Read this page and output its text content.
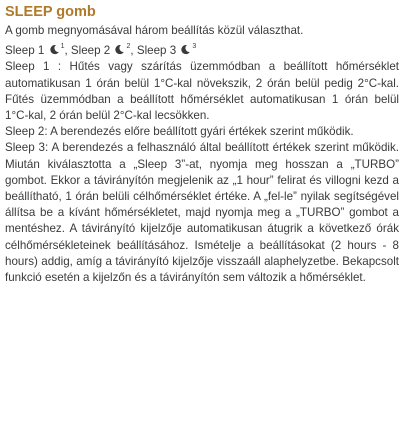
SLEEP gomb

A gomb megnyomásával három beállítás közül választhat.

Sleep 1 $^1$, Sleep 2 $^2$, Sleep 3 $^3$

Sleep 1 : Hűtés vagy szárítás üzemmódban a beállított hőmérséklet automatikusan 1 órán belül 1°C-kal növekszik, 2 órán belül pedig 2°C-kal. Fűtés üzemmódban a beállított hőmérséklet automatikusan 1 órán belül 1°C-kal, 2 órán belül 2°C-kal lecsökken.

Sleep 2: A berendezés előre beállított gyári értékek szerint működik.

Sleep 3: A berendezés a felhasználó által beállított értékek szerint működik. Miután kiválasztotta a „Sleep 3”-at, nyomja meg hosszan a „TURBO” gombot. Ekkor a távirányítón megjelenik az „1 hour” felirat és villogni kezd a beállítható, 1 órán belüli célhőmérséklet értéke. A „fel-le” nyilak segítségével állítsa be a kívánt hőmérsékletet, majd nyomja meg a „TURBO” gombot a mentéshez. A távirányító kijelzője automatikusan átugrik a következő órák célhőmérsékleteinek beállításához. Ismételje a beállításokat (2 hours - 8 hours) addig, amíg a távirányító kijelzője visszaáll alaphelyzetbe. Bekapcsolt funkció esetén a kijelzőn és a távirányítón sem változik a hőmérséklet.
